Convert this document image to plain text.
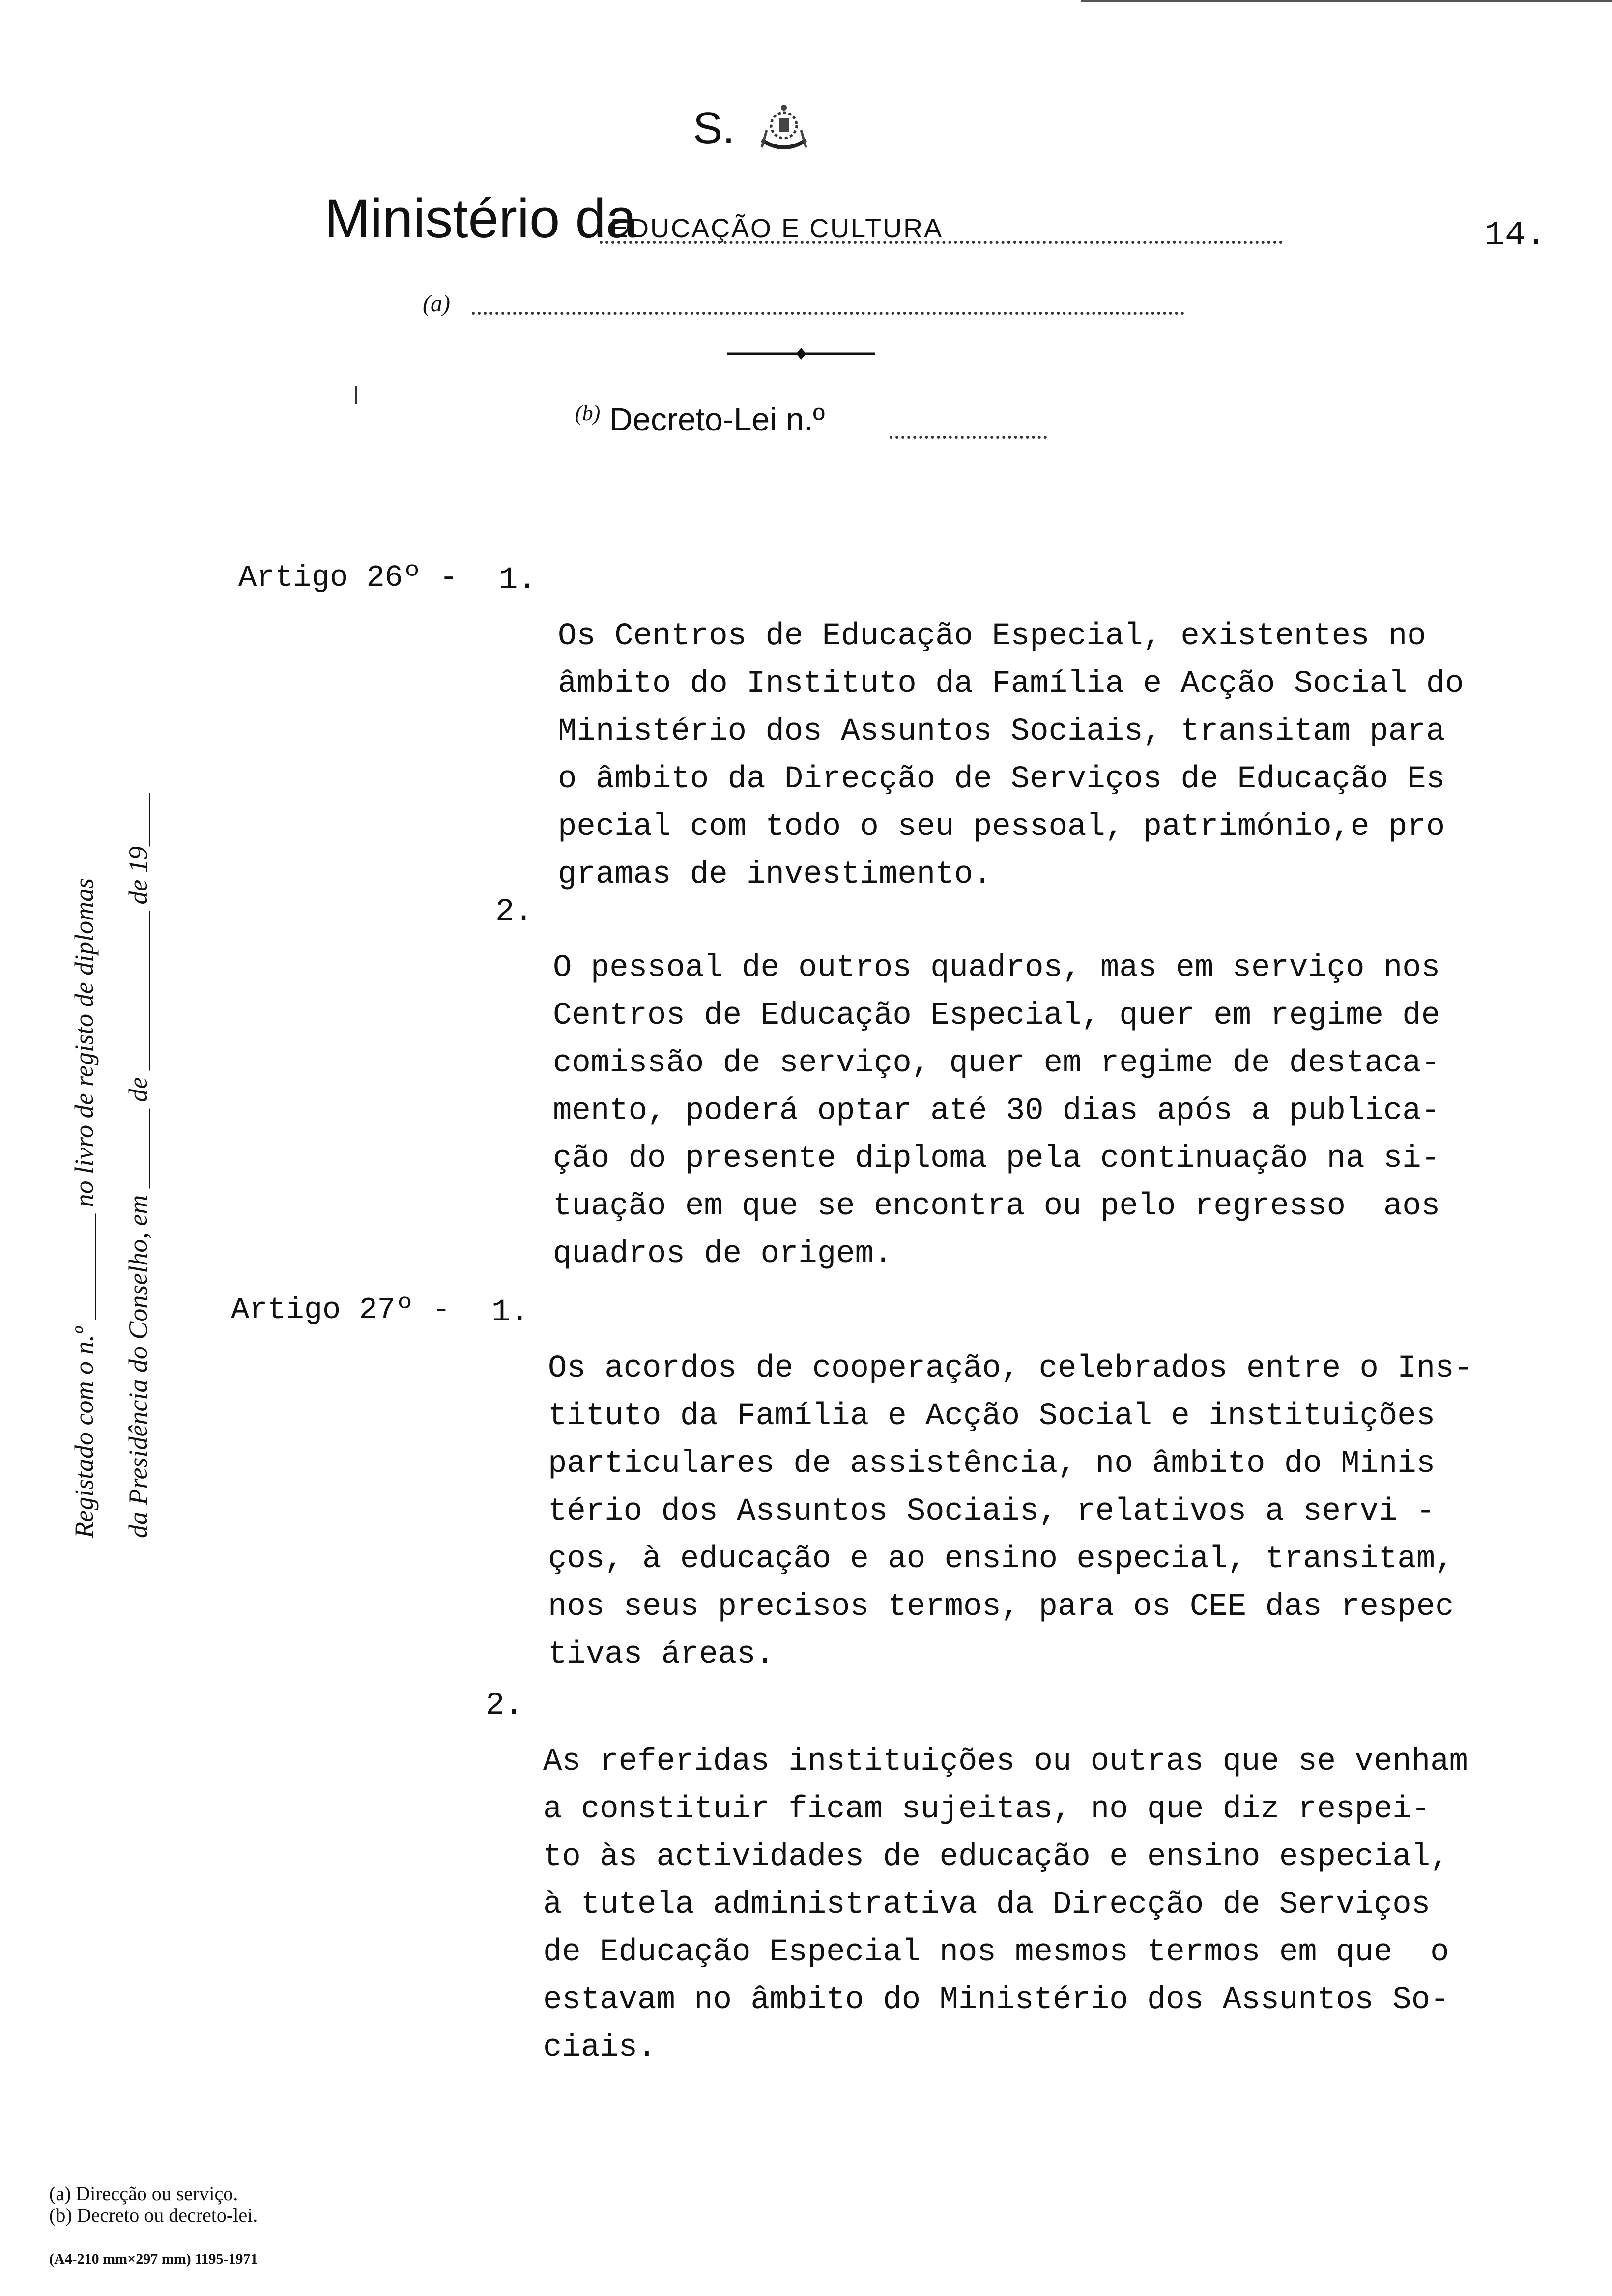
S.
Ministério da
EDUCAÇÃO E CULTURA	14.
(a)
$^{(b)}$ Decreto-Lei n.º
Registado com o n.º ________ no livro de registo de diplomas da Presidência do Conselho, em ______ de ____________ de 19____
Artigo 26º - 1.

Os Centros de Educação Especial, existentes no
âmbito do Instituto da Família e Acção Social do
Ministério dos Assuntos Sociais, transitam para
o âmbito da Direcção de Serviços de Educação Es
pecial com todo o seu pessoal, património,e pro
gramas de investimento.

2.

O pessoal de outros quadros, mas em serviço nos
Centros de Educação Especial, quer em regime de
comissão de serviço, quer em regime de destaca-
mento, poderá optar até 30 dias após a publica-
ção do presente diploma pela continuação na si-
tuação em que se encontra ou pelo regresso  aos
quadros de origem.

Artigo 27º - 1.

Os acordos de cooperação, celebrados entre o Ins-
tituto da Família e Acção Social e instituições
particulares de assistência, no âmbito do Minis
tério dos Assuntos Sociais, relativos a servi -
ços, à educação e ao ensino especial, transitam,
nos seus precisos termos, para os CEE das respec
tivas áreas.

2.

As referidas instituições ou outras que se venham
a constituir ficam sujeitas, no que diz respei-
to às actividades de educação e ensino especial,
à tutela administrativa da Direcção de Serviços
de Educação Especial nos mesmos termos em que  o
estavam no âmbito do Ministério dos Assuntos So-
ciais.

(a) Direcção ou serviço.
(b) Decreto ou decreto-lei.
(A4-210 mm×297 mm) 1195-1971
